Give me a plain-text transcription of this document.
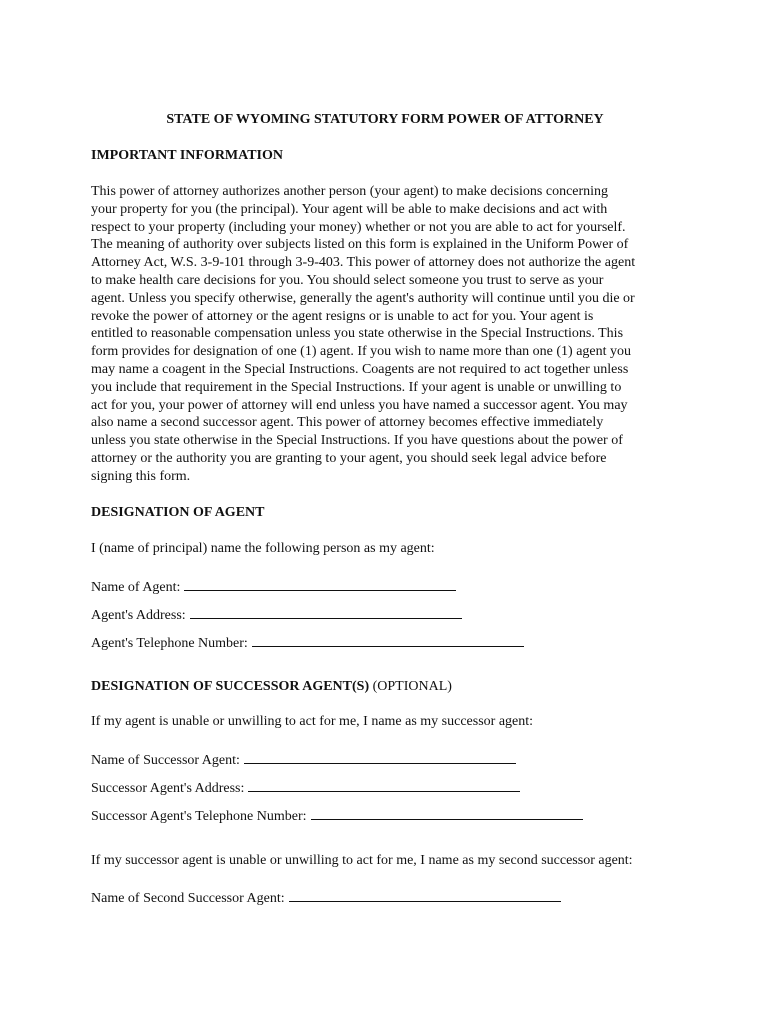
STATE OF WYOMING STATUTORY FORM POWER OF ATTORNEY
IMPORTANT INFORMATION
This power of attorney authorizes another person (your agent) to make decisions concerning
your property for you (the principal). Your agent will be able to make decisions and act with
respect to your property (including your money) whether or not you are able to act for yourself.
The meaning of authority over subjects listed on this form is explained in the Uniform Power of
Attorney Act, W.S. 3-9-101 through 3-9-403. This power of attorney does not authorize the agent
to make health care decisions for you. You should select someone you trust to serve as your
agent. Unless you specify otherwise, generally the agent's authority will continue until you die or
revoke the power of attorney or the agent resigns or is unable to act for you. Your agent is
entitled to reasonable compensation unless you state otherwise in the Special Instructions. This
form provides for designation of one (1) agent. If you wish to name more than one (1) agent you
may name a coagent in the Special Instructions. Coagents are not required to act together unless
you include that requirement in the Special Instructions. If your agent is unable or unwilling to
act for you, your power of attorney will end unless you have named a successor agent. You may
also name a second successor agent. This power of attorney becomes effective immediately
unless you state otherwise in the Special Instructions. If you have questions about the power of
attorney or the authority you are granting to your agent, you should seek legal advice before
signing this form.
DESIGNATION OF AGENT
I (name of principal) name the following person as my agent:
Name of Agent:
Agent's Address:
Agent's Telephone Number:
DESIGNATION OF SUCCESSOR AGENT(S) (OPTIONAL)
If my agent is unable or unwilling to act for me, I name as my successor agent:
Name of Successor Agent:
Successor Agent's Address:
Successor Agent's Telephone Number:
If my successor agent is unable or unwilling to act for me, I name as my second successor agent:
Name of Second Successor Agent:
